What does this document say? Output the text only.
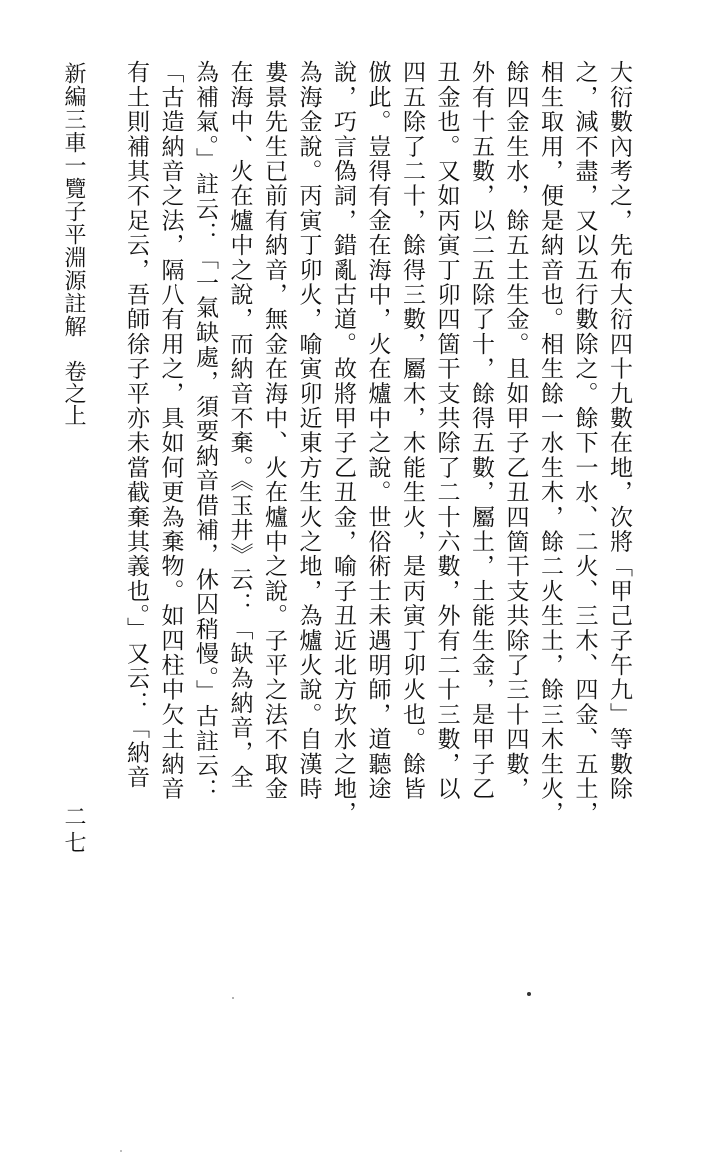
新編三車一覽子平淵源註解
卷之上
二七
大衍數內考之，先布大衍四十九數在地，次將「甲己子午九」等數除
之，減不盡，又以五行數除之。餘下一水、二火、三木、四金、五土，
相生取用，便是納音也。相生餘一水生木，餘二火生土，餘三木生火，
餘四金生水，餘五土生金。且如甲子乙丑四箇干支共除了三十四數，
外有十五數，以二五除了十，餘得五數，屬土，土能生金，是甲子乙
丑金也。又如丙寅丁卯四箇干支共除了二十六數，外有二十三數，以
四五除了二十，餘得三數，屬木，木能生火，是丙寅丁卯火也。餘皆
倣此。豈得有金在海中，火在爐中之說。世俗術士未遇明師，道聽途
說，巧言偽詞，錯亂古道。故將甲子乙丑金，喻子丑近北方坎水之地，
為海金說。丙寅丁卯火，喻寅卯近東方生火之地，為爐火說。自漢時
婁景先生已前有納音，無金在海中、火在爐中之說。子平之法不取金
在海中、火在爐中之說，而納音不棄。《玉井》云：「缺為納音，全
為補氣。」註云：「一氣缺處，須要納音借補，休囚稍慢。」古註云：
「古造納音之法，隔八有用之，具如何更為棄物。如四柱中欠土納音
有土則補其不足云，吾師徐子平亦未當截棄其義也。」又云：「納音
